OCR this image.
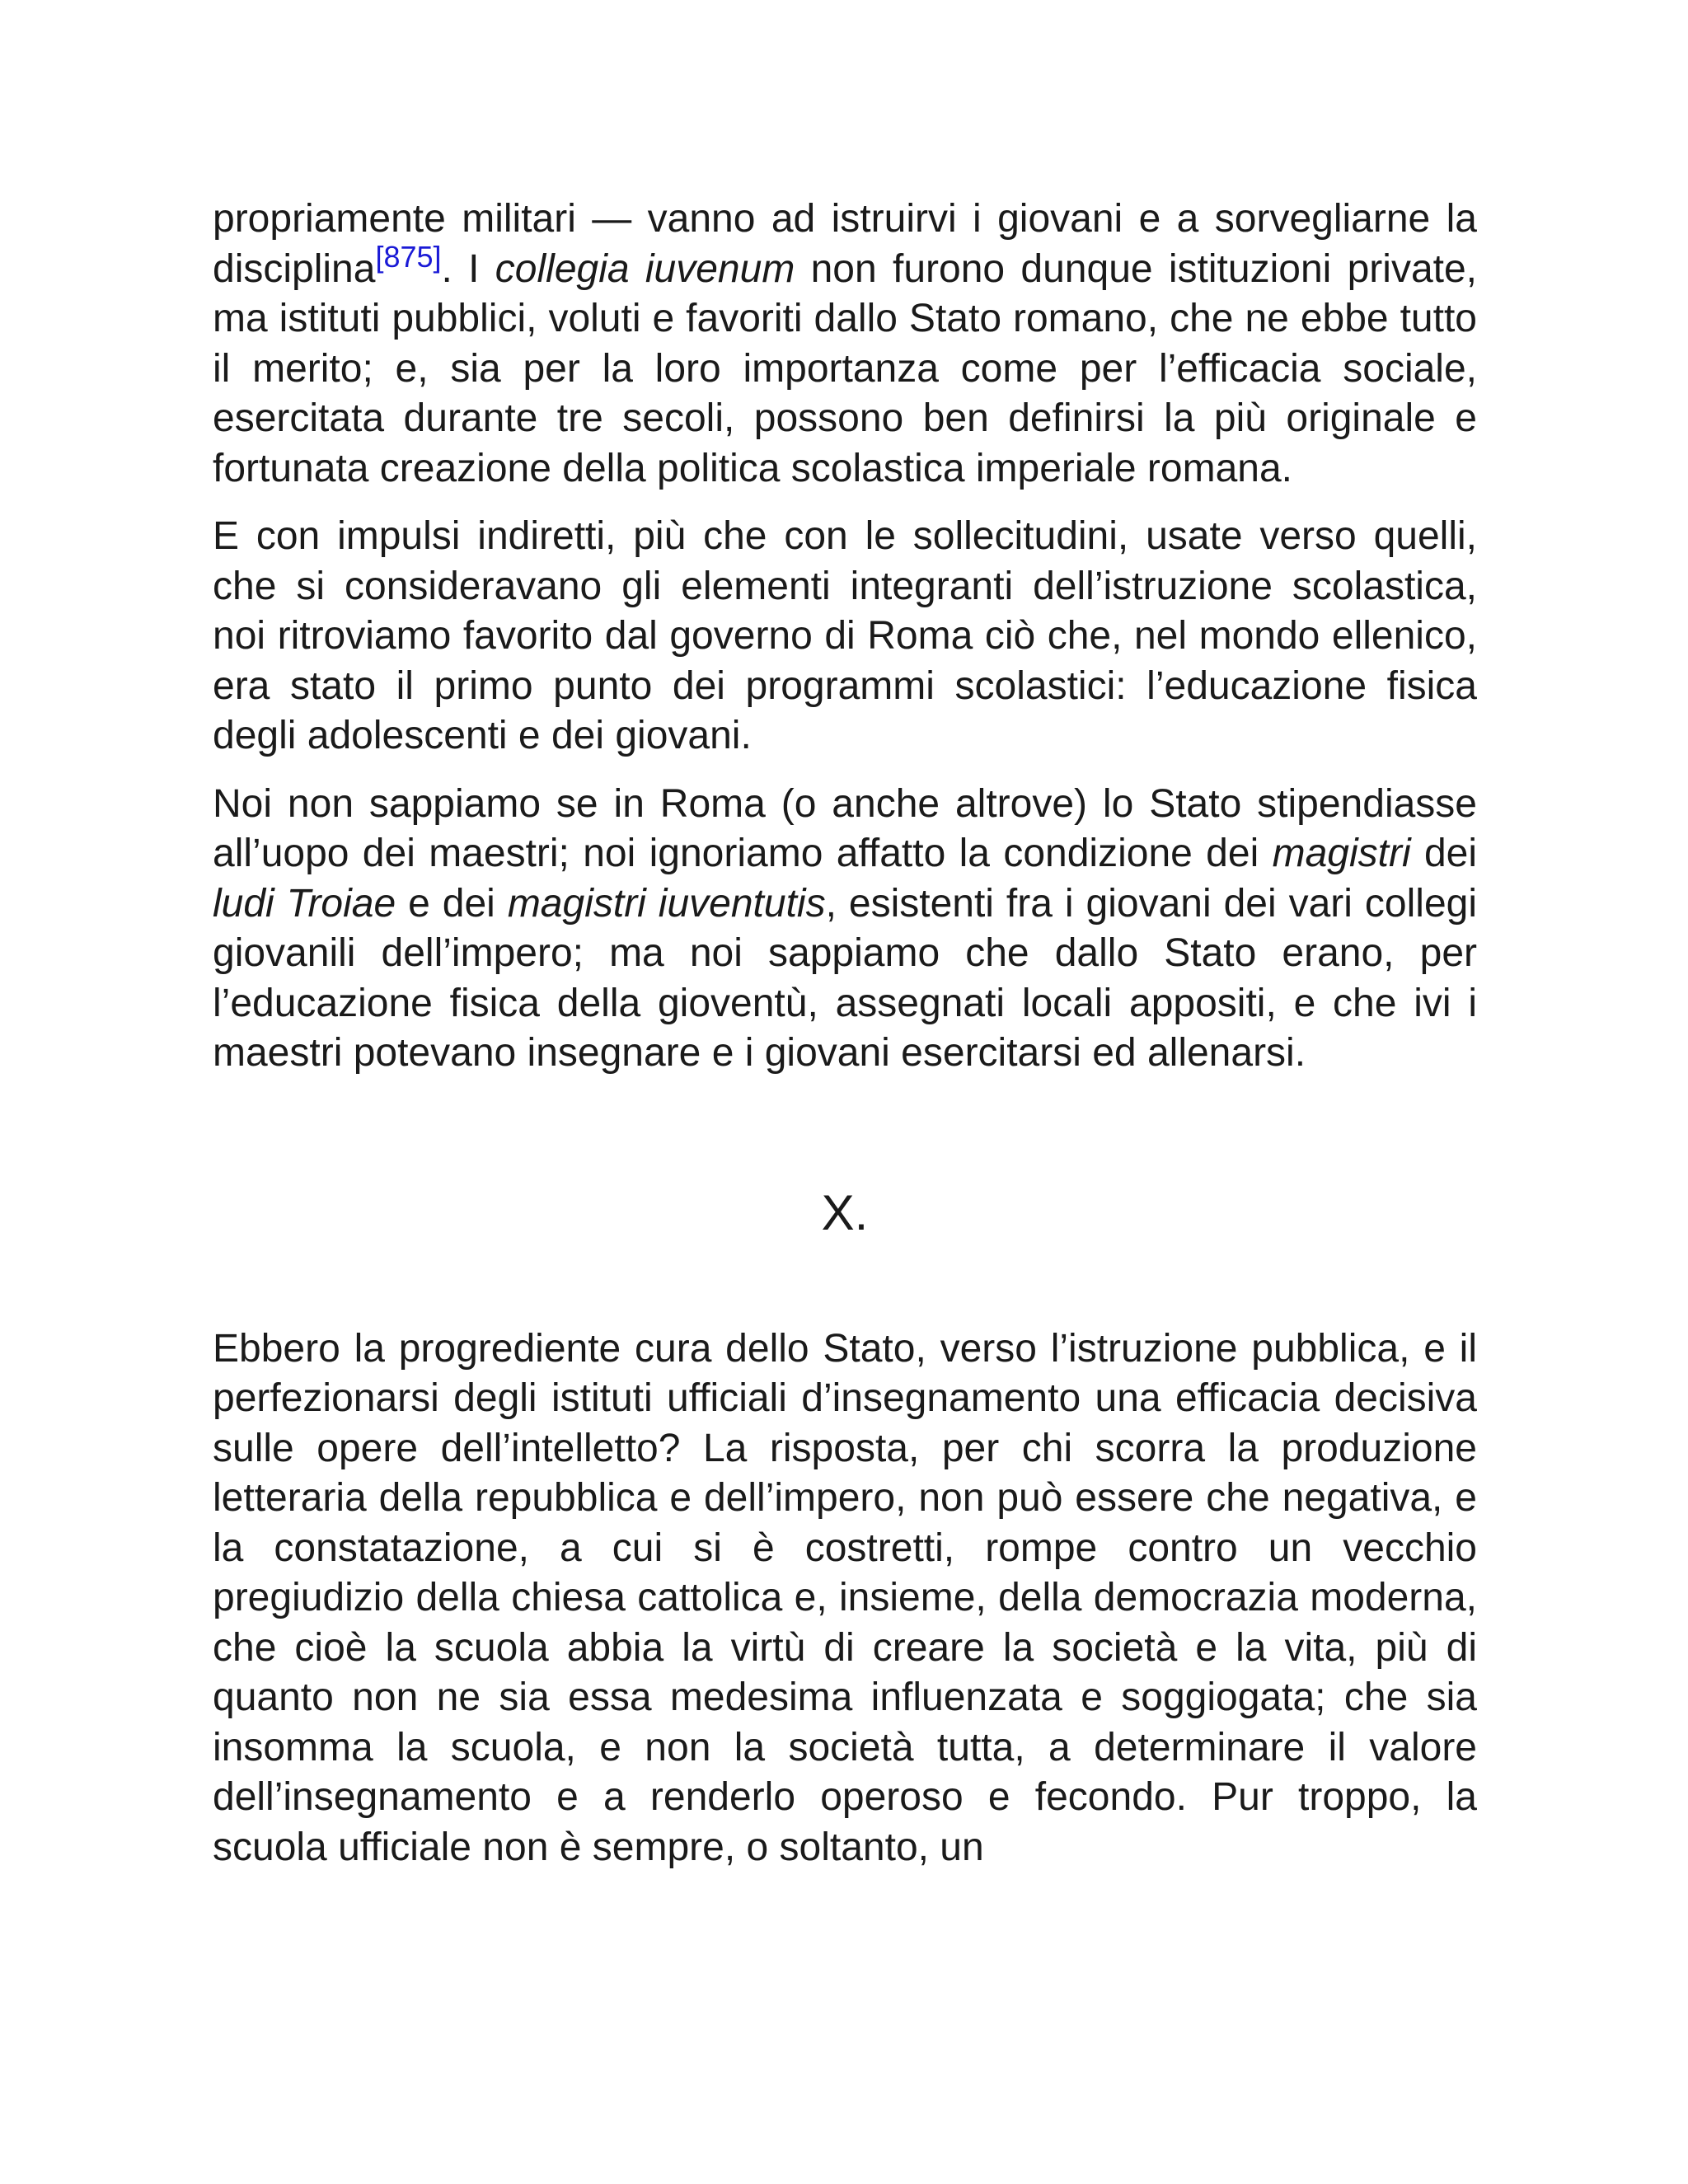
propriamente militari — vanno ad istruirvi i giovani e a sorvegliarne la disciplina[875]. I collegia iuvenum non furono dunque istituzioni private, ma istituti pubblici, voluti e favoriti dallo Stato romano, che ne ebbe tutto il merito; e, sia per la loro importanza come per l’efficacia sociale, esercitata durante tre secoli, possono ben definirsi la più originale e fortunata creazione della politica scolastica imperiale romana.

E con impulsi indiretti, più che con le sollecitudini, usate verso quelli, che si consideravano gli elementi integranti dell’istruzione scolastica, noi ritroviamo favorito dal governo di Roma ciò che, nel mondo ellenico, era stato il primo punto dei programmi scolastici: l’educazione fisica degli adolescenti e dei giovani.

Noi non sappiamo se in Roma (o anche altrove) lo Stato stipendiasse all’uopo dei maestri; noi ignoriamo affatto la condizione dei magistri dei ludi Troiae e dei magistri iuventutis, esistenti fra i giovani dei vari collegi giovanili dell’impero; ma noi sappiamo che dallo Stato erano, per l’educazione fisica della gioventù, assegnati locali appositi, e che ivi i maestri potevano insegnare e i giovani esercitarsi ed allenarsi.

X.

Ebbero la progrediente cura dello Stato, verso l’istruzione pubblica, e il perfezionarsi degli istituti ufficiali d’insegnamento una efficacia decisiva sulle opere dell’intelletto? La risposta, per chi scorra la produzione letteraria della repubblica e dell’impero, non può essere che negativa, e la constatazione, a cui si è costretti, rompe contro un vecchio pregiudizio della chiesa cattolica e, insieme, della democrazia moderna, che cioè la scuola abbia la virtù di creare la società e la vita, più di quanto non ne sia essa medesima influenzata e soggiogata; che sia insomma la scuola, e non la società tutta, a determinare il valore dell’insegnamento e a renderlo operoso e fecondo. Pur troppo, la scuola ufficiale non è sempre, o soltanto, un
